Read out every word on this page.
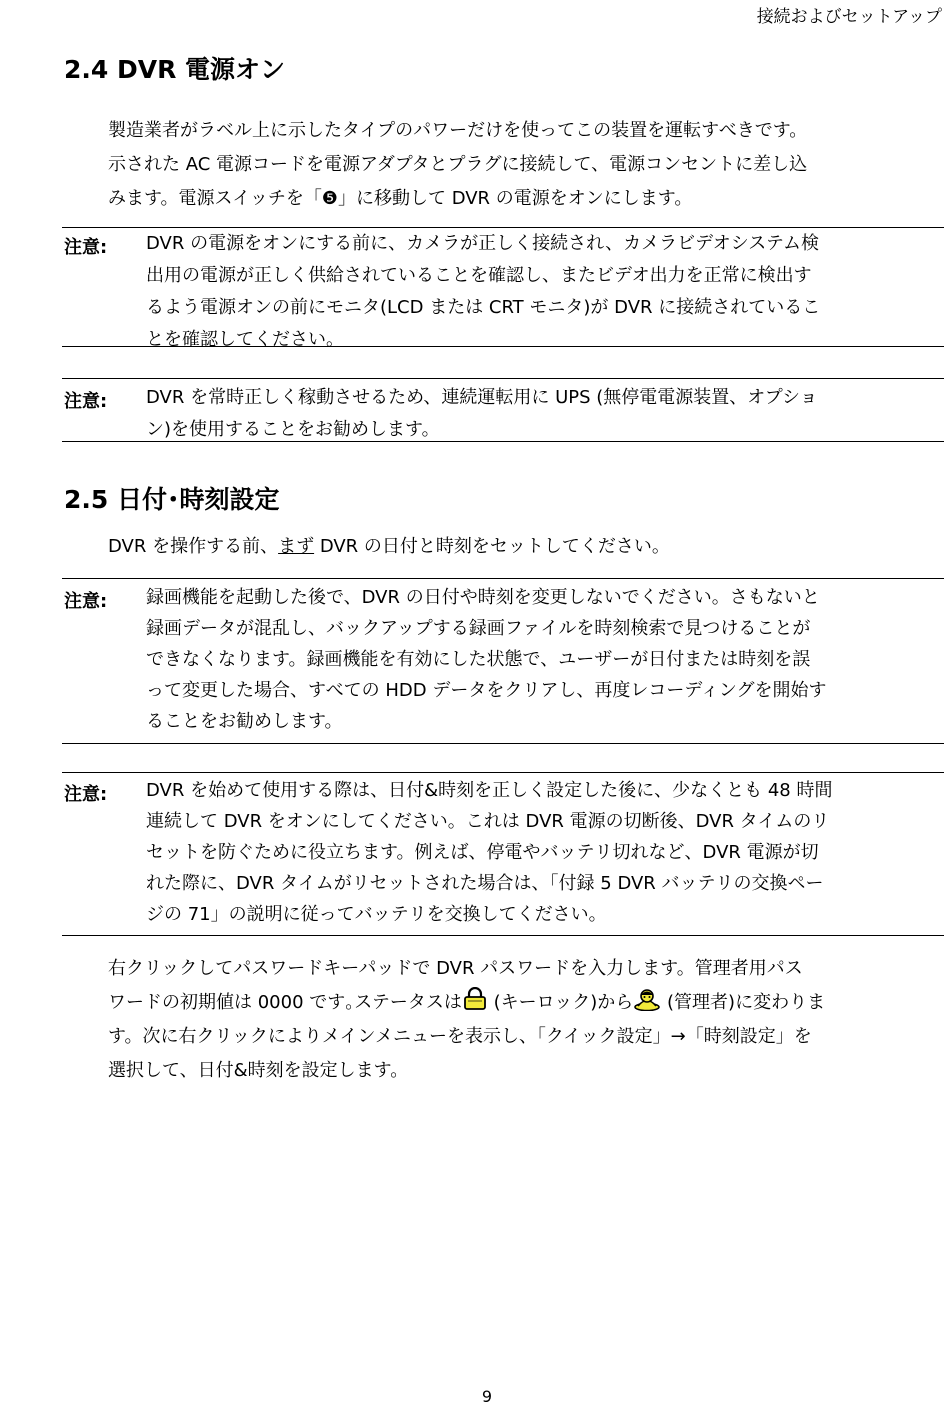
接続およびセットアップ
2.4 DVR 電源オン
製造業者がラベル上に示したタイプのパワーだけを使ってこの装置を運転すべきです。
示された AC 電源コードを電源アダプタとプラグに接続して、電源コンセントに差し込
みます。電源スイッチを「❺」に移動して DVR の電源をオンにします。
注意: DVR の電源をオンにする前に、カメラが正しく接続され、カメラビデオシステム検
出用の電源が正しく供給されていることを確認し、またビデオ出力を正常に検出す
るよう電源オンの前にモニタ(LCD または CRT モニタ)が DVR に接続されているこ
とを確認してください。
注意: DVR を常時正しく稼動させるため、連続運転用に UPS (無停電電源装置、オプショ
ン)を使用することをお勧めします。
2.5 日付･時刻設定
DVR を操作する前、まず DVR の日付と時刻をセットしてください。
注意: 録画機能を起動した後で、DVR の日付や時刻を変更しないでください。さもないと
録画データが混乱し、バックアップする録画ファイルを時刻検索で見つけることが
できなくなります。録画機能を有効にした状態で、ユーザーが日付または時刻を誤
って変更した場合、すべての HDD データをクリアし、再度レコーディングを開始す
ることをお勧めします。
注意: DVR を始めて使用する際は、日付&時刻を正しく設定した後に、少なくとも 48 時間
連続して DVR をオンにしてください。これは DVR 電源の切断後、DVR タイムのリ
セットを防ぐために役立ちます。例えば、停電やバッテリ切れなど、DVR 電源が切
れた際に、DVR タイムがリセットされた場合は、「付録 5 DVR バッテリの交換ペー
ジの 71」の説明に従ってバッテリを交換してください。
右クリックしてパスワードキーパッドで DVR パスワードを入力します。管理者用パス
ワードの初期値は 0000 です｡ステータスは (キーロック)から (管理者)に変わりま
す。次に右クリックによりメインメニューを表示し、「クイック設定」→「時刻設定」を
選択して、日付&時刻を設定します。
9
